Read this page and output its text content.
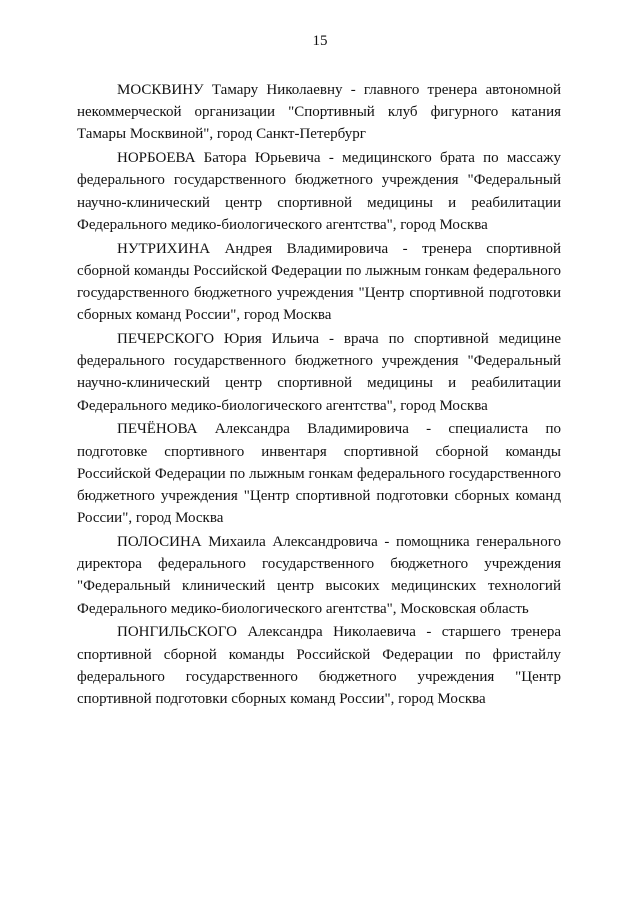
15

МОСКВИНУ Тамару Николаевну - главного тренера автономной некоммерческой организации "Спортивный клуб фигурного катания Тамары Москвиной", город Санкт-Петербург

НОРБОЕВА Батора Юрьевича - медицинского брата по массажу федерального государственного бюджетного учреждения "Федеральный научно-клинический центр спортивной медицины и реабилитации Федерального медико-биологического агентства", город Москва

НУТРИХИНА Андрея Владимировича - тренера спортивной сборной команды Российской Федерации по лыжным гонкам федерального государственного бюджетного учреждения "Центр спортивной подготовки сборных команд России", город Москва

ПЕЧЕРСКОГО Юрия Ильича - врача по спортивной медицине федерального государственного бюджетного учреждения "Федеральный научно-клинический центр спортивной медицины и реабилитации Федерального медико-биологического агентства", город Москва

ПЕЧЁНОВА Александра Владимировича - специалиста по подготовке спортивного инвентаря спортивной сборной команды Российской Федерации по лыжным гонкам федерального государственного бюджетного учреждения "Центр спортивной подготовки сборных команд России", город Москва

ПОЛОСИНА Михаила Александровича - помощника генерального директора федерального государственного бюджетного учреждения "Федеральный клинический центр высоких медицинских технологий Федерального медико-биологического агентства", Московская область

ПОНГИЛЬСКОГО Александра Николаевича - старшего тренера спортивной сборной команды Российской Федерации по фристайлу федерального государственного бюджетного учреждения "Центр спортивной подготовки сборных команд России", город Москва
